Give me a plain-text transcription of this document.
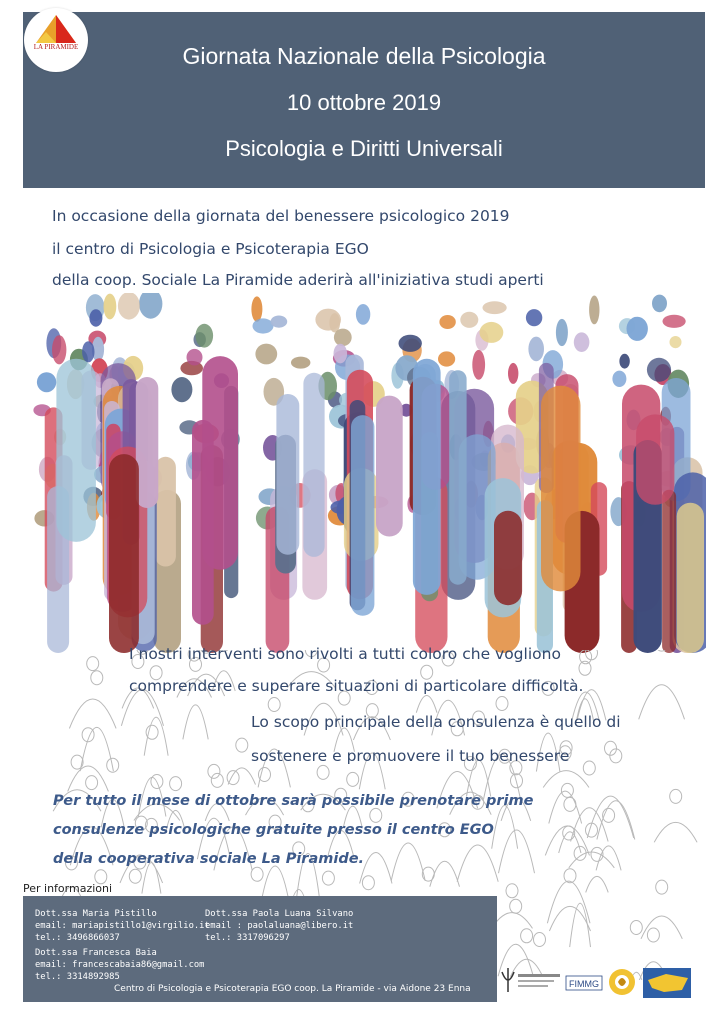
Giornata Nazionale della Psicologia
10 ottobre 2019
Psicologia e Diritti Universali
LA PIRAMIDE
In occasione della giornata del benessere psicologico 2019
il centro di Psicologia e Psicoterapia EGO
della coop. Sociale La Piramide aderirà all'iniziativa studi aperti
I nostri interventi sono rivolti a tutti coloro che vogliono
comprendere e superare situazioni di particolare difficoltà.
Lo scopo principale della consulenza è quello di
sostenere e promuovere il tuo benessere
Per tutto il mese di ottobre sarà possibile prenotare prime
consulenze psicologiche gratuite presso il centro EGO
della cooperativa sociale La Piramide.
Per informazioni
Dott.ssa Maria Pistillo
email: mariapistillo1@virgilio.it
tel.: 3496866037
Dott.ssa Paola Luana Silvano
email : paolaluana@libero.it
tel.: 3317096297
Dott.ssa Francesca Baia
email: francescabaia86@gmail.com
tel.: 3314892985
Centro di Psicologia e Psicoterapia EGO coop. La Piramide - via Aidone 23 Enna	FIMMG
